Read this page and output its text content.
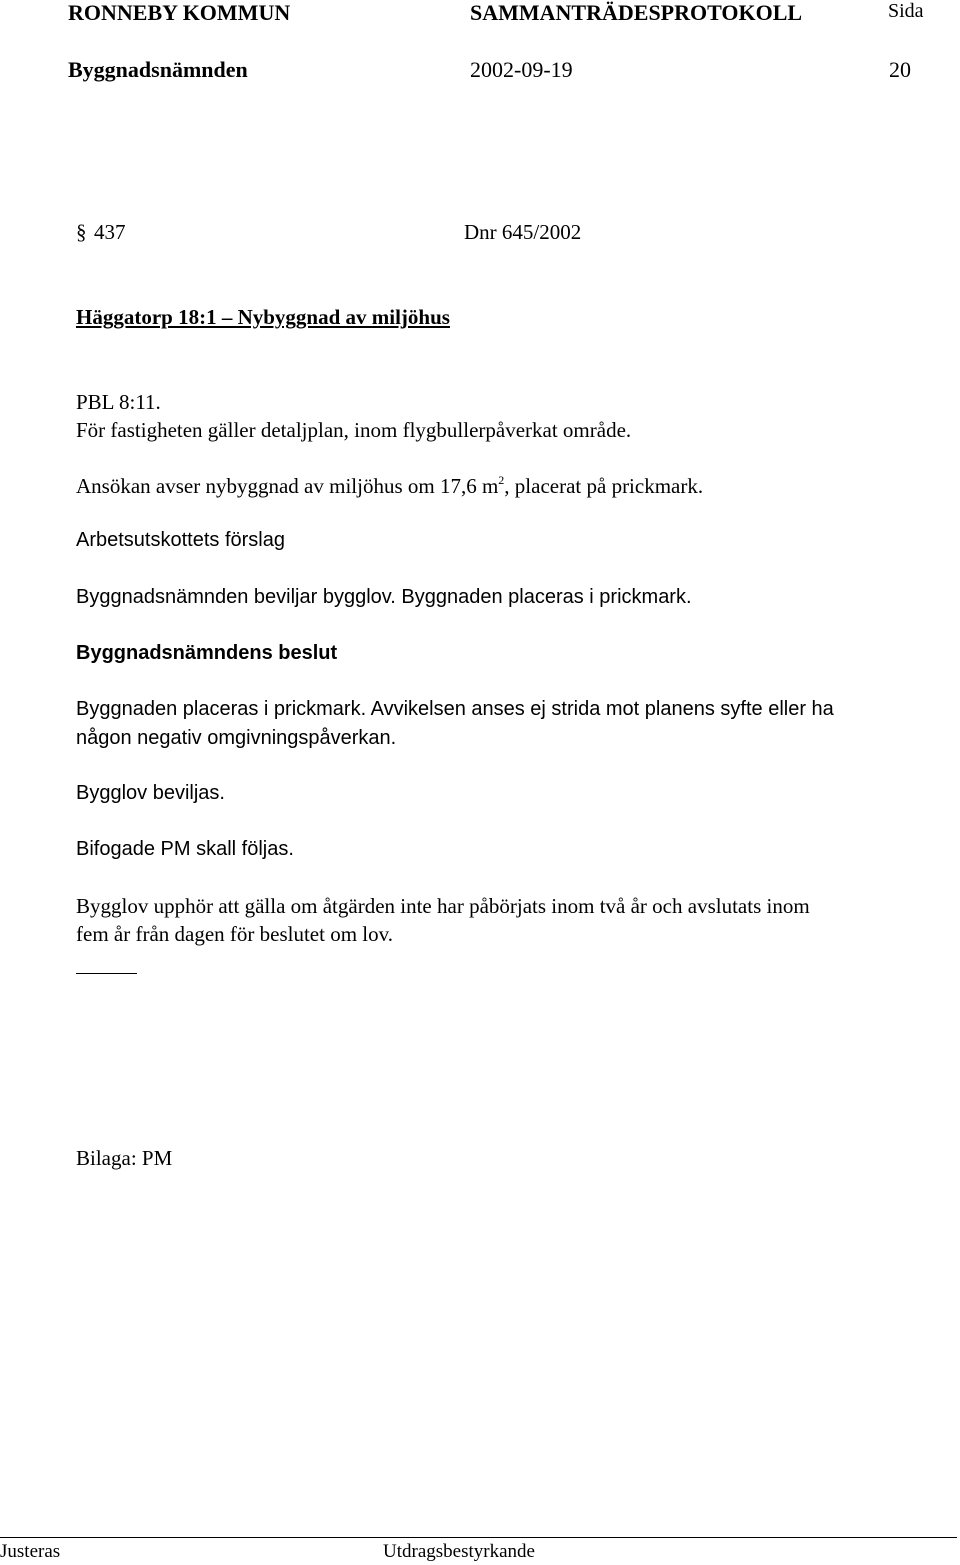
RONNEBY KOMMUN	SAMMANTRÄDESPROTOKOLL	Sida
Byggnadsnämnden	2002-09-19	20
§ 437	Dnr 645/2002
Häggatorp 18:1 – Nybyggnad av miljöhus
PBL 8:11.
För fastigheten gäller detaljplan, inom flygbullerpåverkat område.
Ansökan avser nybyggnad av miljöhus om 17,6 $m^2$, placerat på prickmark.
Arbetsutskottets förslag
Byggnadsnämnden beviljar bygglov. Byggnaden placeras i prickmark.
Byggnadsnämndens beslut
Byggnaden placeras i prickmark. Avvikelsen anses ej strida mot planens syfte eller ha
någon negativ omgivningspåverkan.
Bygglov beviljas.
Bifogade PM skall följas.
Bygglov upphör att gälla om åtgärden inte har påbörjats inom två år och avslutats inom
fem år från dagen för beslutet om lov.
Bilaga: PM
Justeras	Utdragsbestyrkande
